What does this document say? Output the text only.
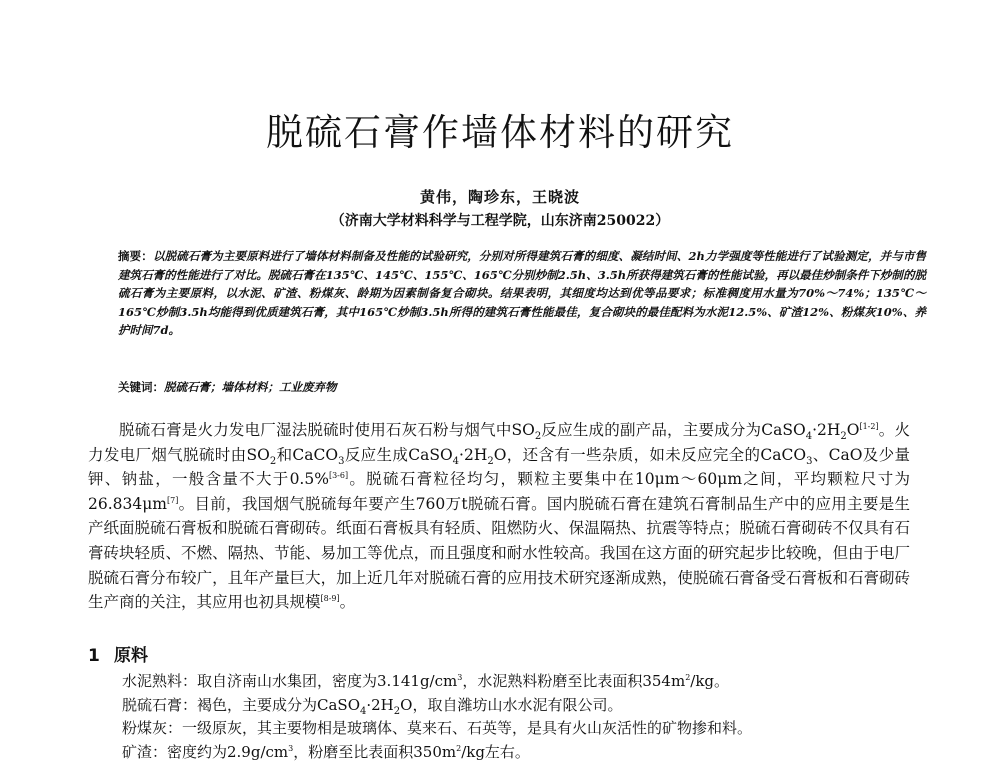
脱硫石膏作墙体材料的研究
黄伟，陶珍东，王晓波
（济南大学材料科学与工程学院，山东济南250022）
摘要：以脱硫石膏为主要原料进行了墙体材料制备及性能的试验研究，分别对所得建筑石膏的细度、凝结时间、2h力学强度等性能进行了试验测定，并与市售建筑石膏的性能进行了对比。脱硫石膏在135℃、145℃、155℃、165℃分别炒制2.5h、3.5h所获得建筑石膏的性能试验，再以最佳炒制条件下炒制的脱硫石膏为主要原料，以水泥、矿渣、粉煤灰、龄期为因素制备复合砌块。结果表明，其细度均达到优等品要求；标准稠度用水量为70%～74%；135℃～165℃炒制3.5h均能得到优质建筑石膏，其中165℃炒制3.5h所得的建筑石膏性能最佳，复合砌块的最佳配料为水泥12.5%、矿渣12%、粉煤灰10%、养护时间7d。
关键词：脱硫石膏；墙体材料；工业废弃物
脱硫石膏是火力发电厂湿法脱硫时使用石灰石粉与烟气中$SO_2$反应生成的副产品，主要成分为$CaSO_4\cdot 2H_2O[1-2]$。火力发电厂烟气脱硫时由$SO_2$和CaCO$_3$反应生成$CaSO_4\cdot 2H_2O$，还含有一些杂质，如未反应完全的CaCO$_3$、CaO及少量钾、钠盐，一般含量不大于0.5%[3-6]。脱硫石膏粒径均匀，颗粒主要集中在10μm～60μm之间，平均颗粒尺寸为26.834μm[7]。目前，我国烟气脱硫每年要产生760万t脱硫石膏。国内脱硫石膏在建筑石膏制品生产中的应用主要是生产纸面脱硫石膏板和脱硫石膏砌砖。纸面石膏板具有轻质、阻燃防火、保温隔热、抗震等特点；脱硫石膏砌砖不仅具有石膏砖块轻质、不燃、隔热、节能、易加工等优点，而且强度和耐水性较高。我国在这方面的研究起步比较晚，但由于电厂脱硫石膏分布较广，且年产量巨大，加上近几年对脱硫石膏的应用技术研究逐渐成熟，使脱硫石膏备受石膏板和石膏砌砖生产商的关注，其应用也初具规模[8-9]。
1 原料

水泥熟料：取自济南山水集团，密度为$3.141g/cm^3$，水泥熟料粉磨至比表面积$354m^2/kg$。

脱硫石膏：褐色，主要成分为$CaSO_4\cdot 2H_2O$，取自潍坊山水水泥有限公司。

粉煤灰：一级原灰，其主要物相是玻璃体、莫来石、石英等，是具有火山灰活性的矿物掺和料。

矿渣：密度约为$2.9g/cm^3$，粉磨至比表面积$350m^2/kg$左右。
